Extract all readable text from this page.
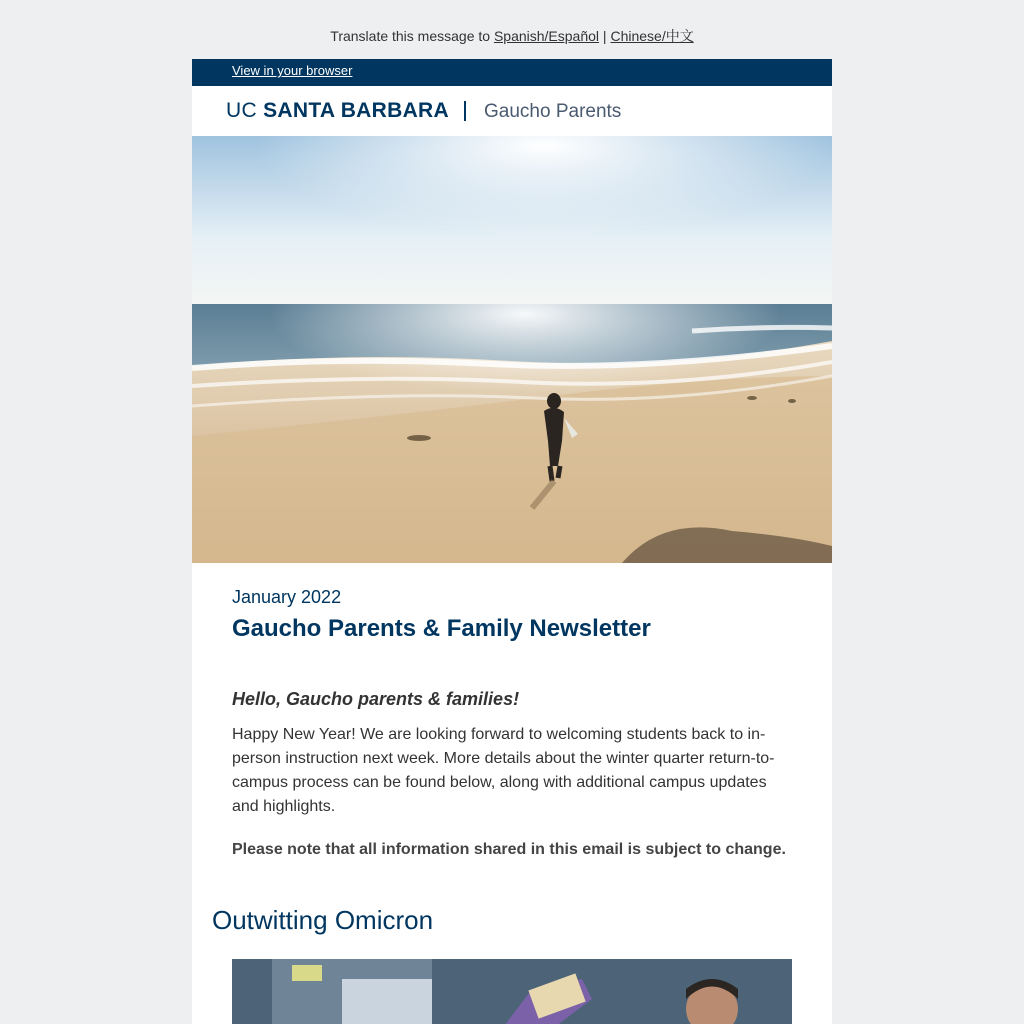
Translate this message to Spanish/Español | Chinese/中文
View in your browser
UC SANTA BARBARA Gaucho Parents
January 2022
Gaucho Parents & Family Newsletter
Hello, Gaucho parents & families!

Happy New Year! We are looking forward to welcoming students back to in-person instruction next week. More details about the winter quarter return-to-campus process can be found below, along with additional campus updates and highlights.

Please note that all information shared in this email is subject to change.
Outwitting Omicron
